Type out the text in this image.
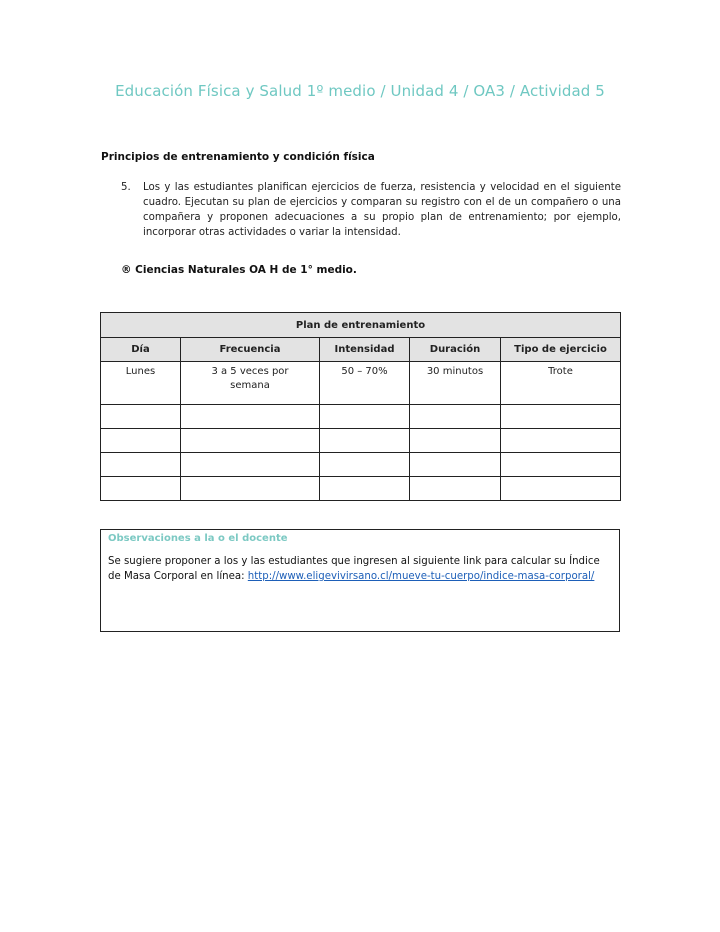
Educación Física y Salud 1º medio / Unidad 4 / OA3 / Actividad 5
Principios de entrenamiento y condición física
5.	Los y las estudiantes planifican ejercicios de fuerza, resistencia y velocidad en el siguiente cuadro. Ejecutan su plan de ejercicios y comparan su registro con el de un compañero o una compañera y proponen adecuaciones a su propio plan de entrenamiento; por ejemplo, incorporar otras actividades o variar la intensidad.
® Ciencias Naturales OA H de 1° medio.
Plan de entrenamiento				
Día	Frecuencia	Intensidad	Duración	Tipo de ejercicio
Lunes	3 a 5 veces por semana	50 – 70%	30 minutos	Trote

Observaciones a la o el docente
Se sugiere proponer a los y las estudiantes que ingresen al siguiente link para calcular su Índice de Masa Corporal en línea: http://www.eligevivirsano.cl/mueve-tu-cuerpo/indice-masa-corporal/
